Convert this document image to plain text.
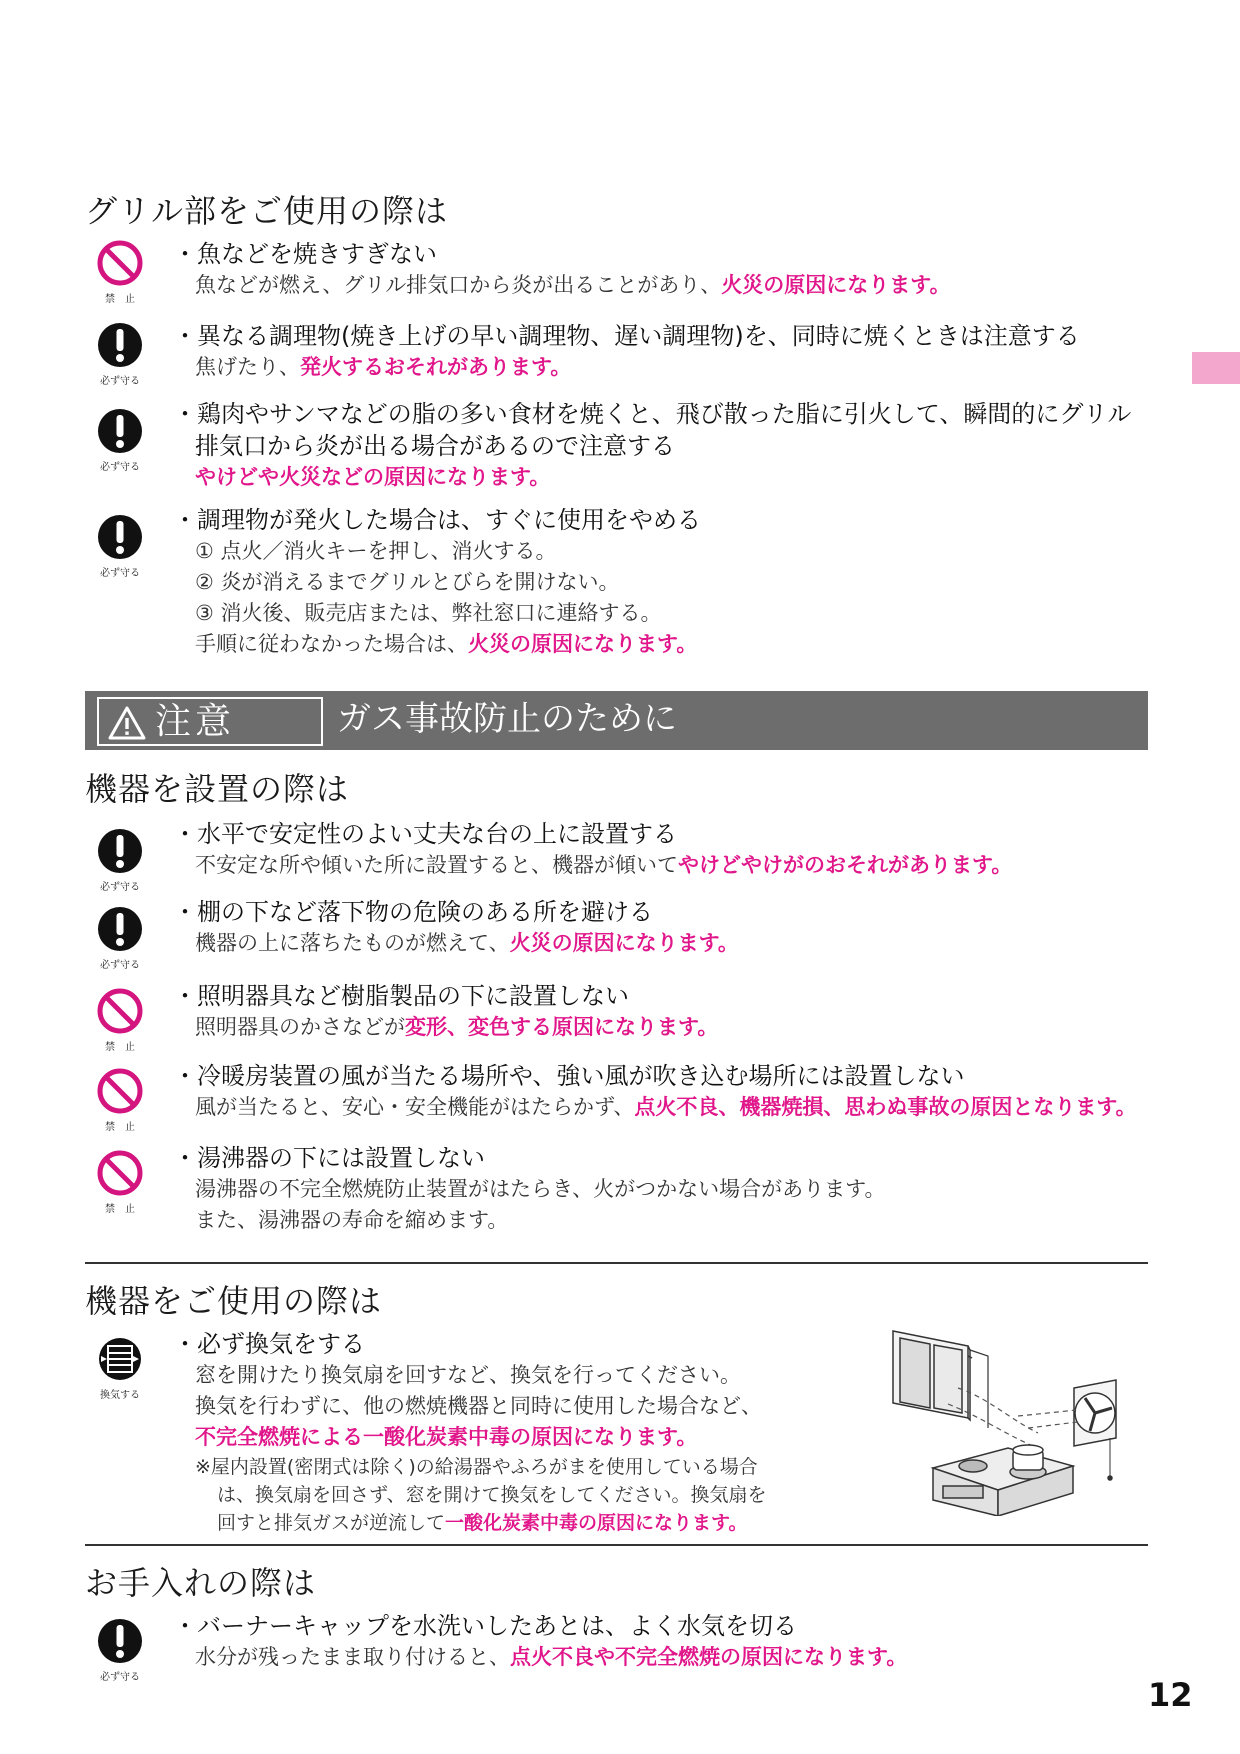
グリル部をご使用の際は
禁　止
・魚などを焼きすぎない
魚などが燃え、グリル排気口から炎が出ることがあり、火災の原因になります。
必ず守る
・異なる調理物(焼き上げの早い調理物、遅い調理物)を、同時に焼くときは注意する
焦げたり、発火するおそれがあります。
必ず守る
・鶏肉やサンマなどの脂の多い食材を焼くと、飛び散った脂に引火して、瞬間的にグリル
排気口から炎が出る場合があるので注意する
やけどや火災などの原因になります。
必ず守る
・調理物が発火した場合は、すぐに使用をやめる
① 点火／消火キーを押し、消火する。
② 炎が消えるまでグリルとびらを開けない。
③ 消火後、販売店または、弊社窓口に連絡する。
手順に従わなかった場合は、火災の原因になります。
注意	ガス事故防止のために
機器を設置の際は
必ず守る
・水平で安定性のよい丈夫な台の上に設置する
不安定な所や傾いた所に設置すると、機器が傾いてやけどやけがのおそれがあります。
必ず守る
・棚の下など落下物の危険のある所を避ける
機器の上に落ちたものが燃えて、火災の原因になります。
禁　止
・照明器具など樹脂製品の下に設置しない
照明器具のかさなどが変形、変色する原因になります。
禁　止
・冷暖房装置の風が当たる場所や、強い風が吹き込む場所には設置しない
風が当たると、安心・安全機能がはたらかず、点火不良、機器焼損、思わぬ事故の原因となります。
禁　止
・湯沸器の下には設置しない
湯沸器の不完全燃焼防止装置がはたらき、火がつかない場合があります。
また、湯沸器の寿命を縮めます。
機器をご使用の際は
換気する
・必ず換気をする
窓を開けたり換気扇を回すなど、換気を行ってください。
換気を行わずに、他の燃焼機器と同時に使用した場合など、
不完全燃焼による一酸化炭素中毒の原因になります。
※屋内設置(密閉式は除く)の給湯器やふろがまを使用している場合
は、換気扇を回さず、窓を開けて換気をしてください。換気扇を
回すと排気ガスが逆流して一酸化炭素中毒の原因になります。
お手入れの際は
必ず守る
・バーナーキャップを水洗いしたあとは、よく水気を切る
水分が残ったまま取り付けると、点火不良や不完全燃焼の原因になります。
12
